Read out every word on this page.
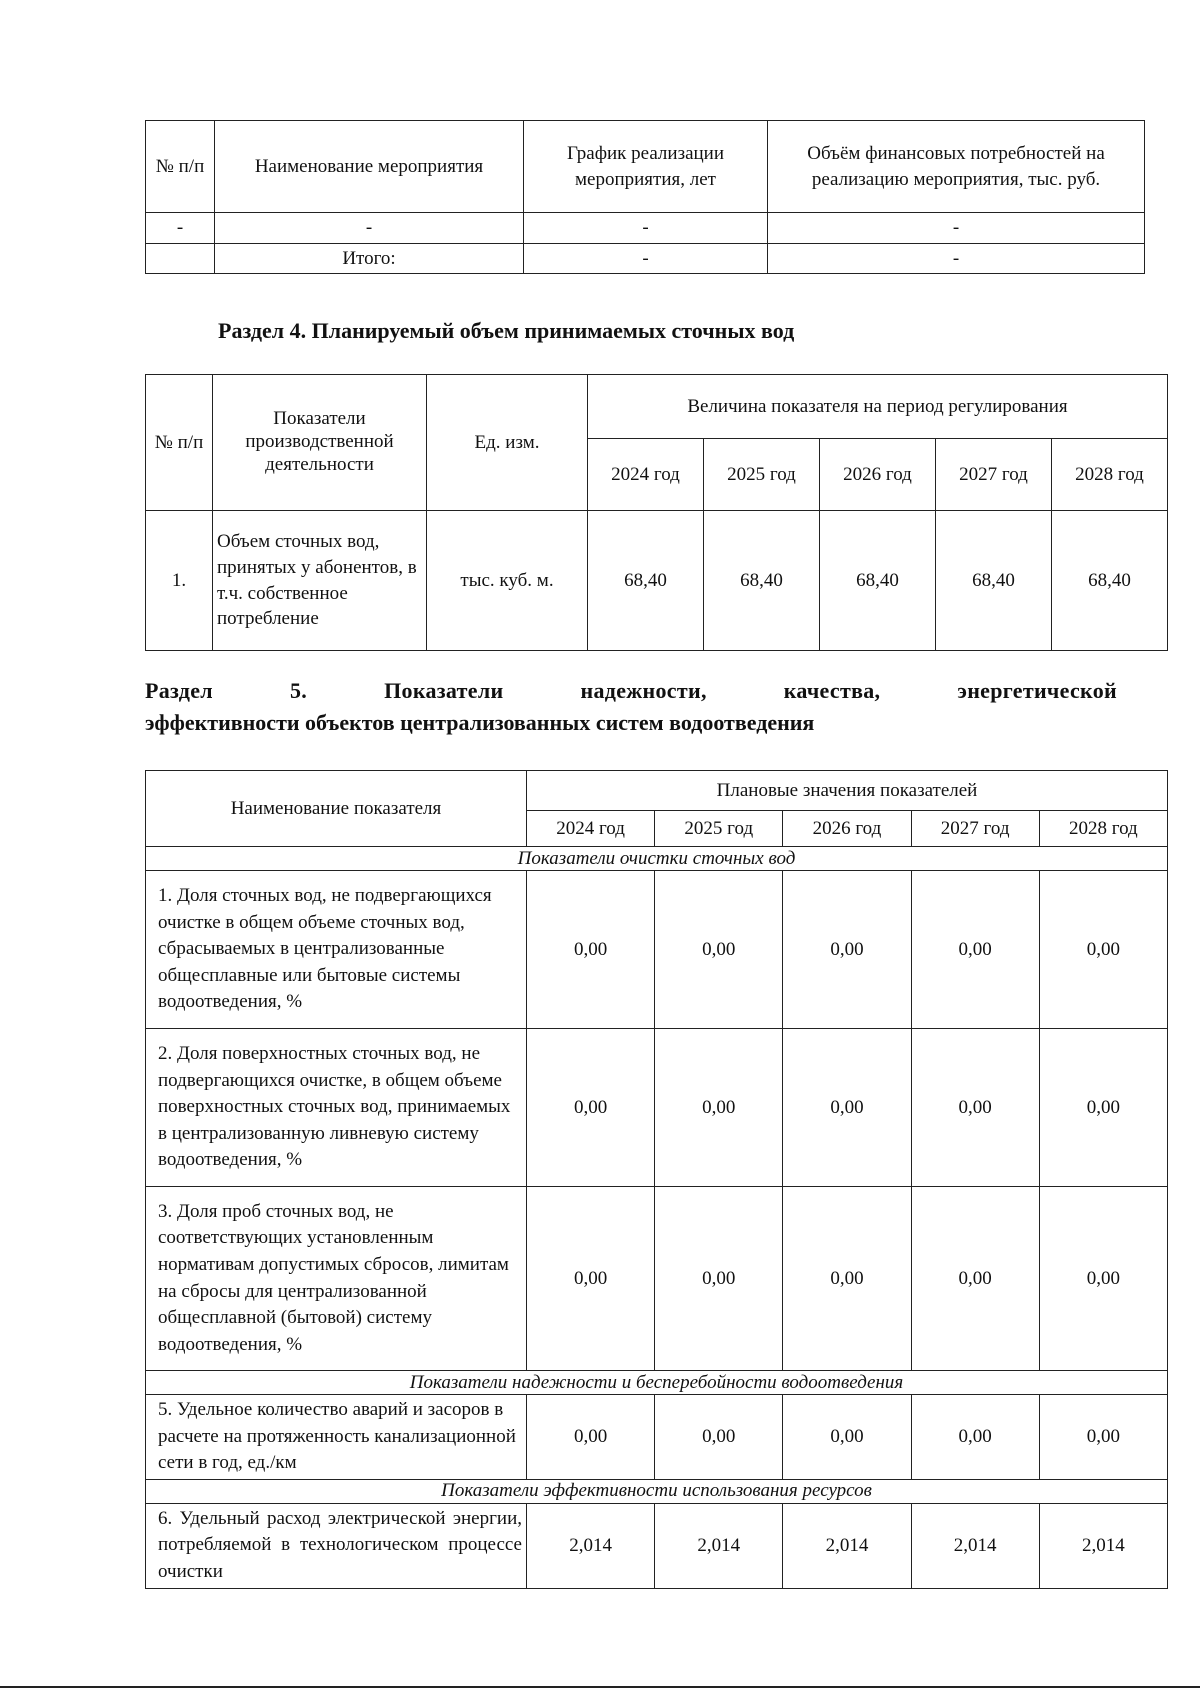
№ п/п	Наименование мероприятия	График реализации мероприятия, лет	Объём финансовых потребностей на реализацию мероприятия, тыс. руб.
-	-	-	-
	Итого:	-	-
Раздел 4. Планируемый объем принимаемых сточных вод
№ п/п	Показатели производственной деятельности	Ед. изм.	Величина показателя на период регулирования				
			2024 год	2025 год	2026 год	2027 год	2028 год
1.	Объем сточных вод, принятых у абонентов, в т.ч. собственное потребление	тыс. куб. м.	68,40	68,40	68,40	68,40	68,40
Раздел 5. Показатели надежности, качества, энергетической
эффективности объектов централизованных систем водоотведения
Наименование показателя	Плановые значения показателей				
	2024 год	2025 год	2026 год	2027 год	2028 год
Показатели очистки сточных вод					
1. Доля сточных вод, не подвергающихся очистке в общем объеме сточных вод, сбрасываемых в централизованные общесплавные или бытовые системы водоотведения, %	0,00	0,00	0,00	0,00	0,00
2. Доля поверхностных сточных вод, не подвергающихся очистке, в общем объеме поверхностных сточных вод, принимаемых в централизованную ливневую систему водоотведения, %	0,00	0,00	0,00	0,00	0,00
3. Доля проб сточных вод, не соответствующих установленным нормативам допустимых сбросов, лимитам на сбросы для централизованной общесплавной (бытовой) систему водоотведения, %	0,00	0,00	0,00	0,00	0,00
Показатели надежности и бесперебойности водоотведения					
5. Удельное количество аварий и засоров в расчете на протяженность канализационной сети в год, ед./км	0,00	0,00	0,00	0,00	0,00
Показатели эффективности использования ресурсов					
6. Удельный расход электрической энергии, потребляемой в технологическом процессе очистки	2,014	2,014	2,014	2,014	2,014
